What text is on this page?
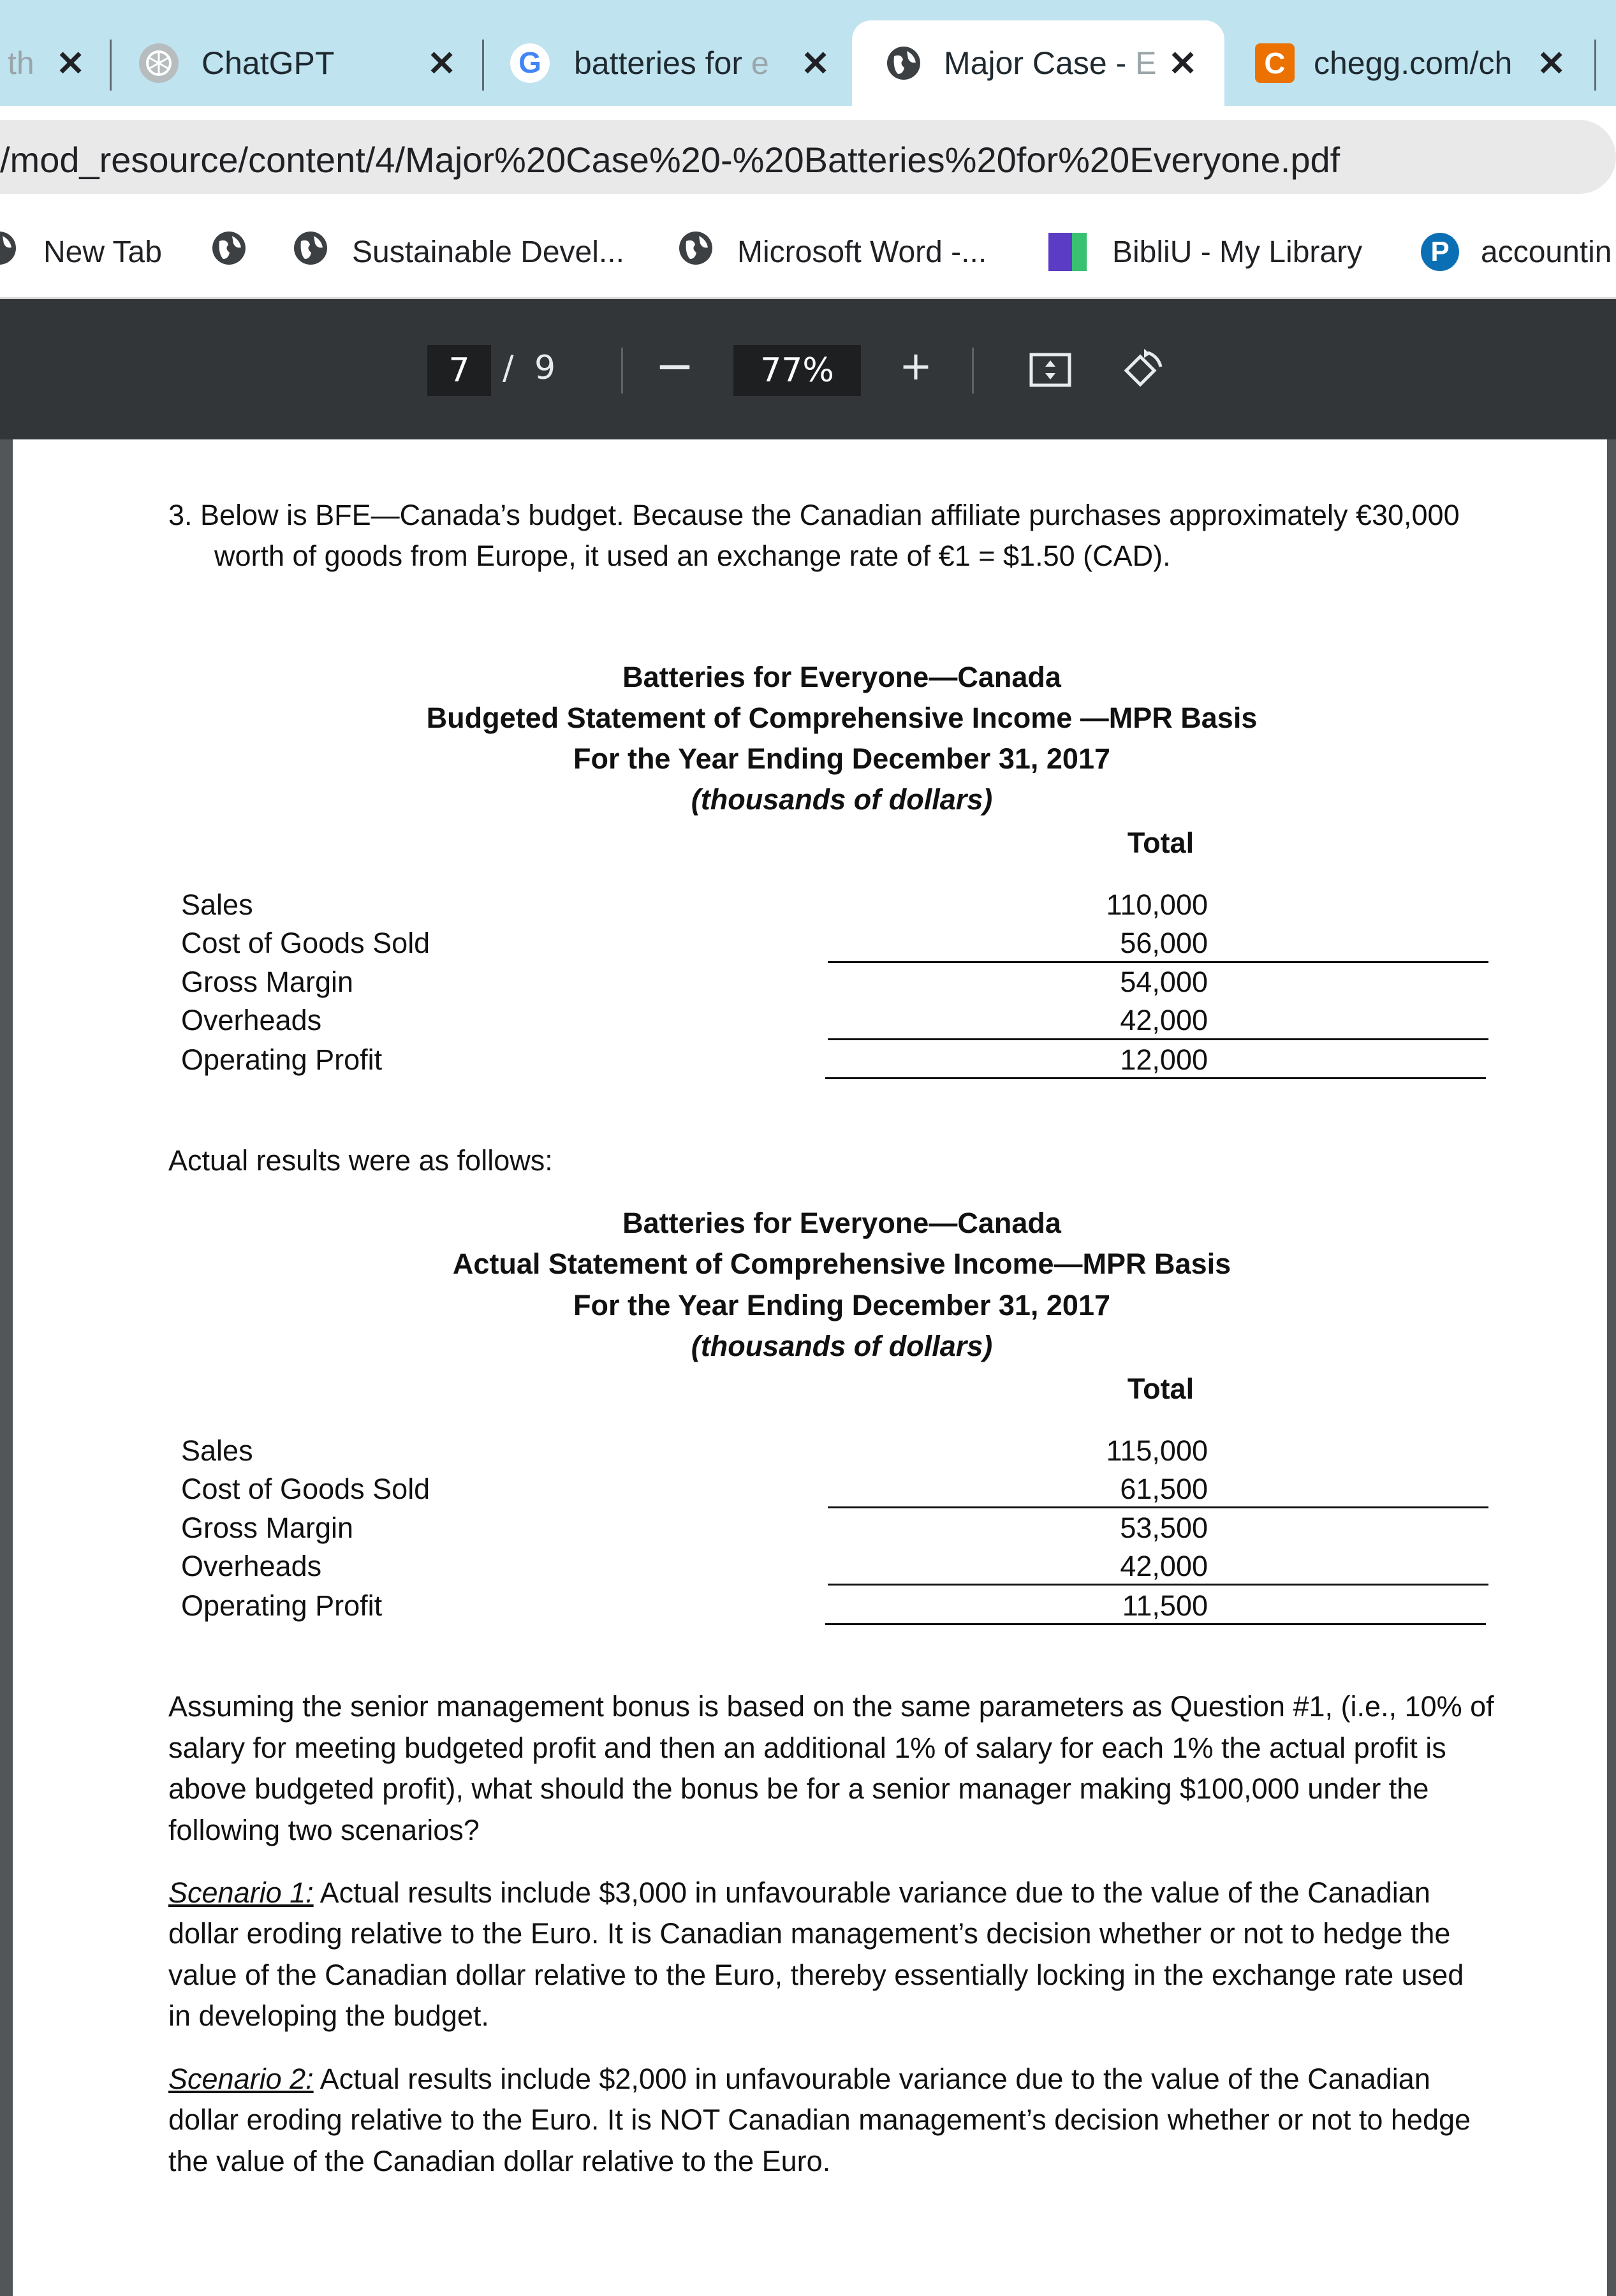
th ✕	ChatGPT	✕ G batteries for e ✕	Major Case - E ✕ C chegg.com/ch ✕
/mod_resource/content/4/Major%20Case%20-%20Batteries%20for%20Everyone.pdf
New Tab	Sustainable Devel...	Microsoft Word -...	BibliU - My Library	P	accountin
7 / 9	—	77%	+
3. Below is BFE—Canada’s budget. Because the Canadian affiliate purchases approximately €30,000
worth of goods from Europe, it used an exchange rate of €1 = $1.50 (CAD).
Batteries for Everyone—Canada
Budgeted Statement of Comprehensive Income —MPR Basis
For the Year Ending December 31, 2017
(thousands of dollars)
Total
Sales	110,000
Cost of Goods Sold	56,000
Gross Margin	54,000
Overheads	42,000
Operating Profit	12,000
Actual results were as follows:
Batteries for Everyone—Canada
Actual Statement of Comprehensive Income—MPR Basis
For the Year Ending December 31, 2017
(thousands of dollars)
Total
Sales	115,000
Cost of Goods Sold	61,500
Gross Margin	53,500
Overheads	42,000
Operating Profit	11,500
Assuming the senior management bonus is based on the same parameters as Question #1, (i.e., 10% of
salary for meeting budgeted profit and then an additional 1% of salary for each 1% the actual profit is
above budgeted profit), what should the bonus be for a senior manager making $100,000 under the
following two scenarios?
Scenario 1: Actual results include $3,000 in unfavourable variance due to the value of the Canadian
dollar eroding relative to the Euro. It is Canadian management’s decision whether or not to hedge the
value of the Canadian dollar relative to the Euro, thereby essentially locking in the exchange rate used
in developing the budget.
Scenario 2: Actual results include $2,000 in unfavourable variance due to the value of the Canadian
dollar eroding relative to the Euro. It is NOT Canadian management’s decision whether or not to hedge
the value of the Canadian dollar relative to the Euro.
